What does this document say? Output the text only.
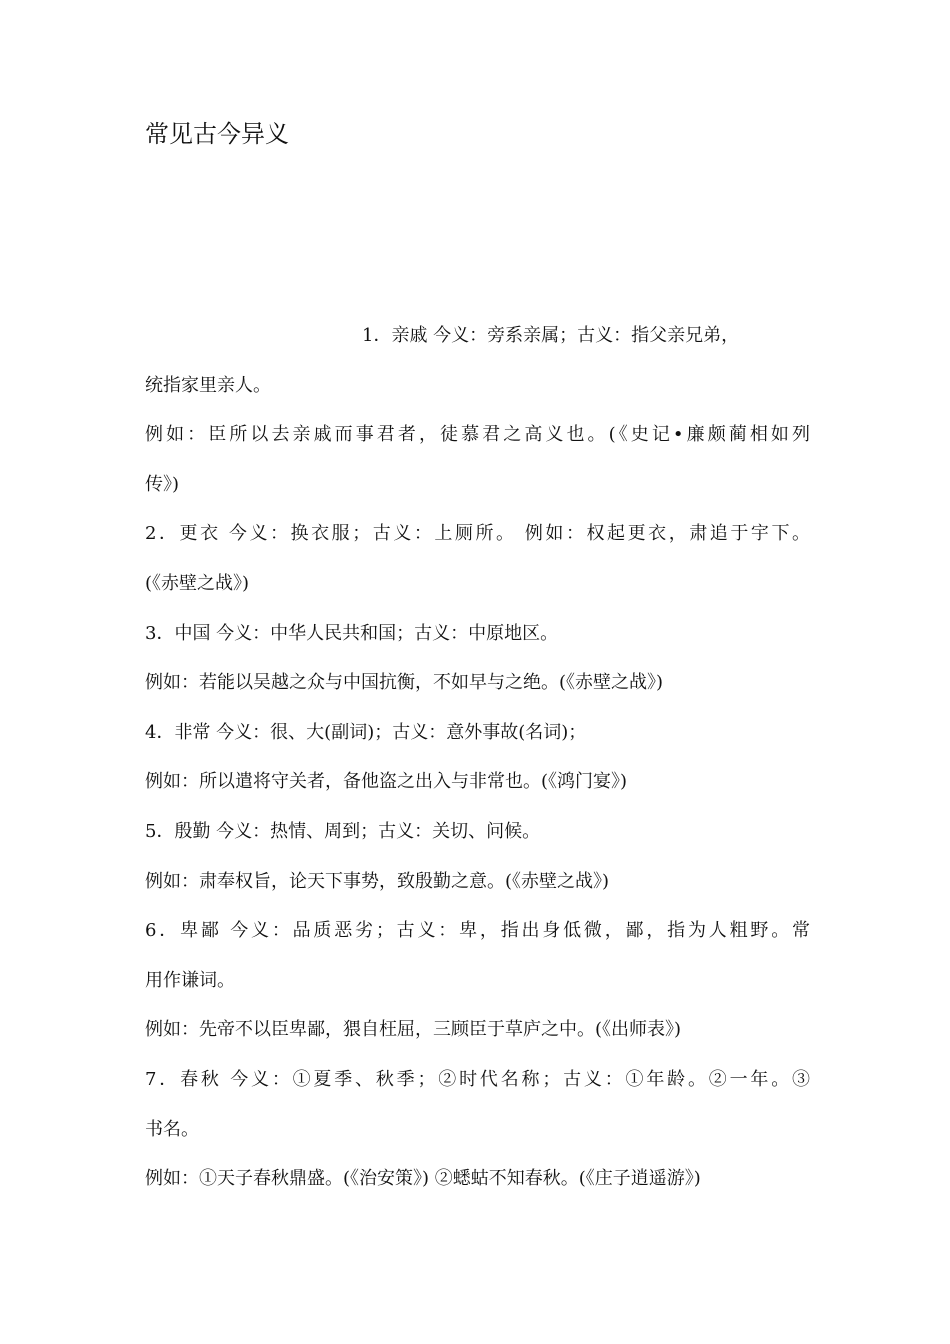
常见古今异义
1．亲戚 今义：旁系亲属；古义：指父亲兄弟，
统指家里亲人。
例如：臣所以去亲戚而事君者，徒慕君之高义也。(《史记•廉颇蔺相如列
传》)
2．更衣 今义：换衣服；古义：上厕所。 例如：权起更衣，肃追于宇下。
(《赤壁之战》)
3．中国 今义：中华人民共和国；古义：中原地区。
例如：若能以吴越之众与中国抗衡，不如早与之绝。(《赤壁之战》)
4．非常 今义：很、大(副词)；古义：意外事故(名词)；
例如：所以遣将守关者，备他盗之出入与非常也。(《鸿门宴》)
5．殷勤 今义：热情、周到；古义：关切、问候。
例如：肃奉权旨，论天下事势，致殷勤之意。(《赤壁之战》)
6．卑鄙 今义：品质恶劣；古义：卑，指出身低微，鄙，指为人粗野。常
用作谦词。
例如：先帝不以臣卑鄙，猥自枉屈，三顾臣于草庐之中。(《出师表》)
7．春秋 今义：①夏季、秋季；②时代名称；古义：①年龄。②一年。③
书名。
例如：①天子春秋鼎盛。(《治安策》) ②蟋蛄不知春秋。(《庄子逍遥游》)
